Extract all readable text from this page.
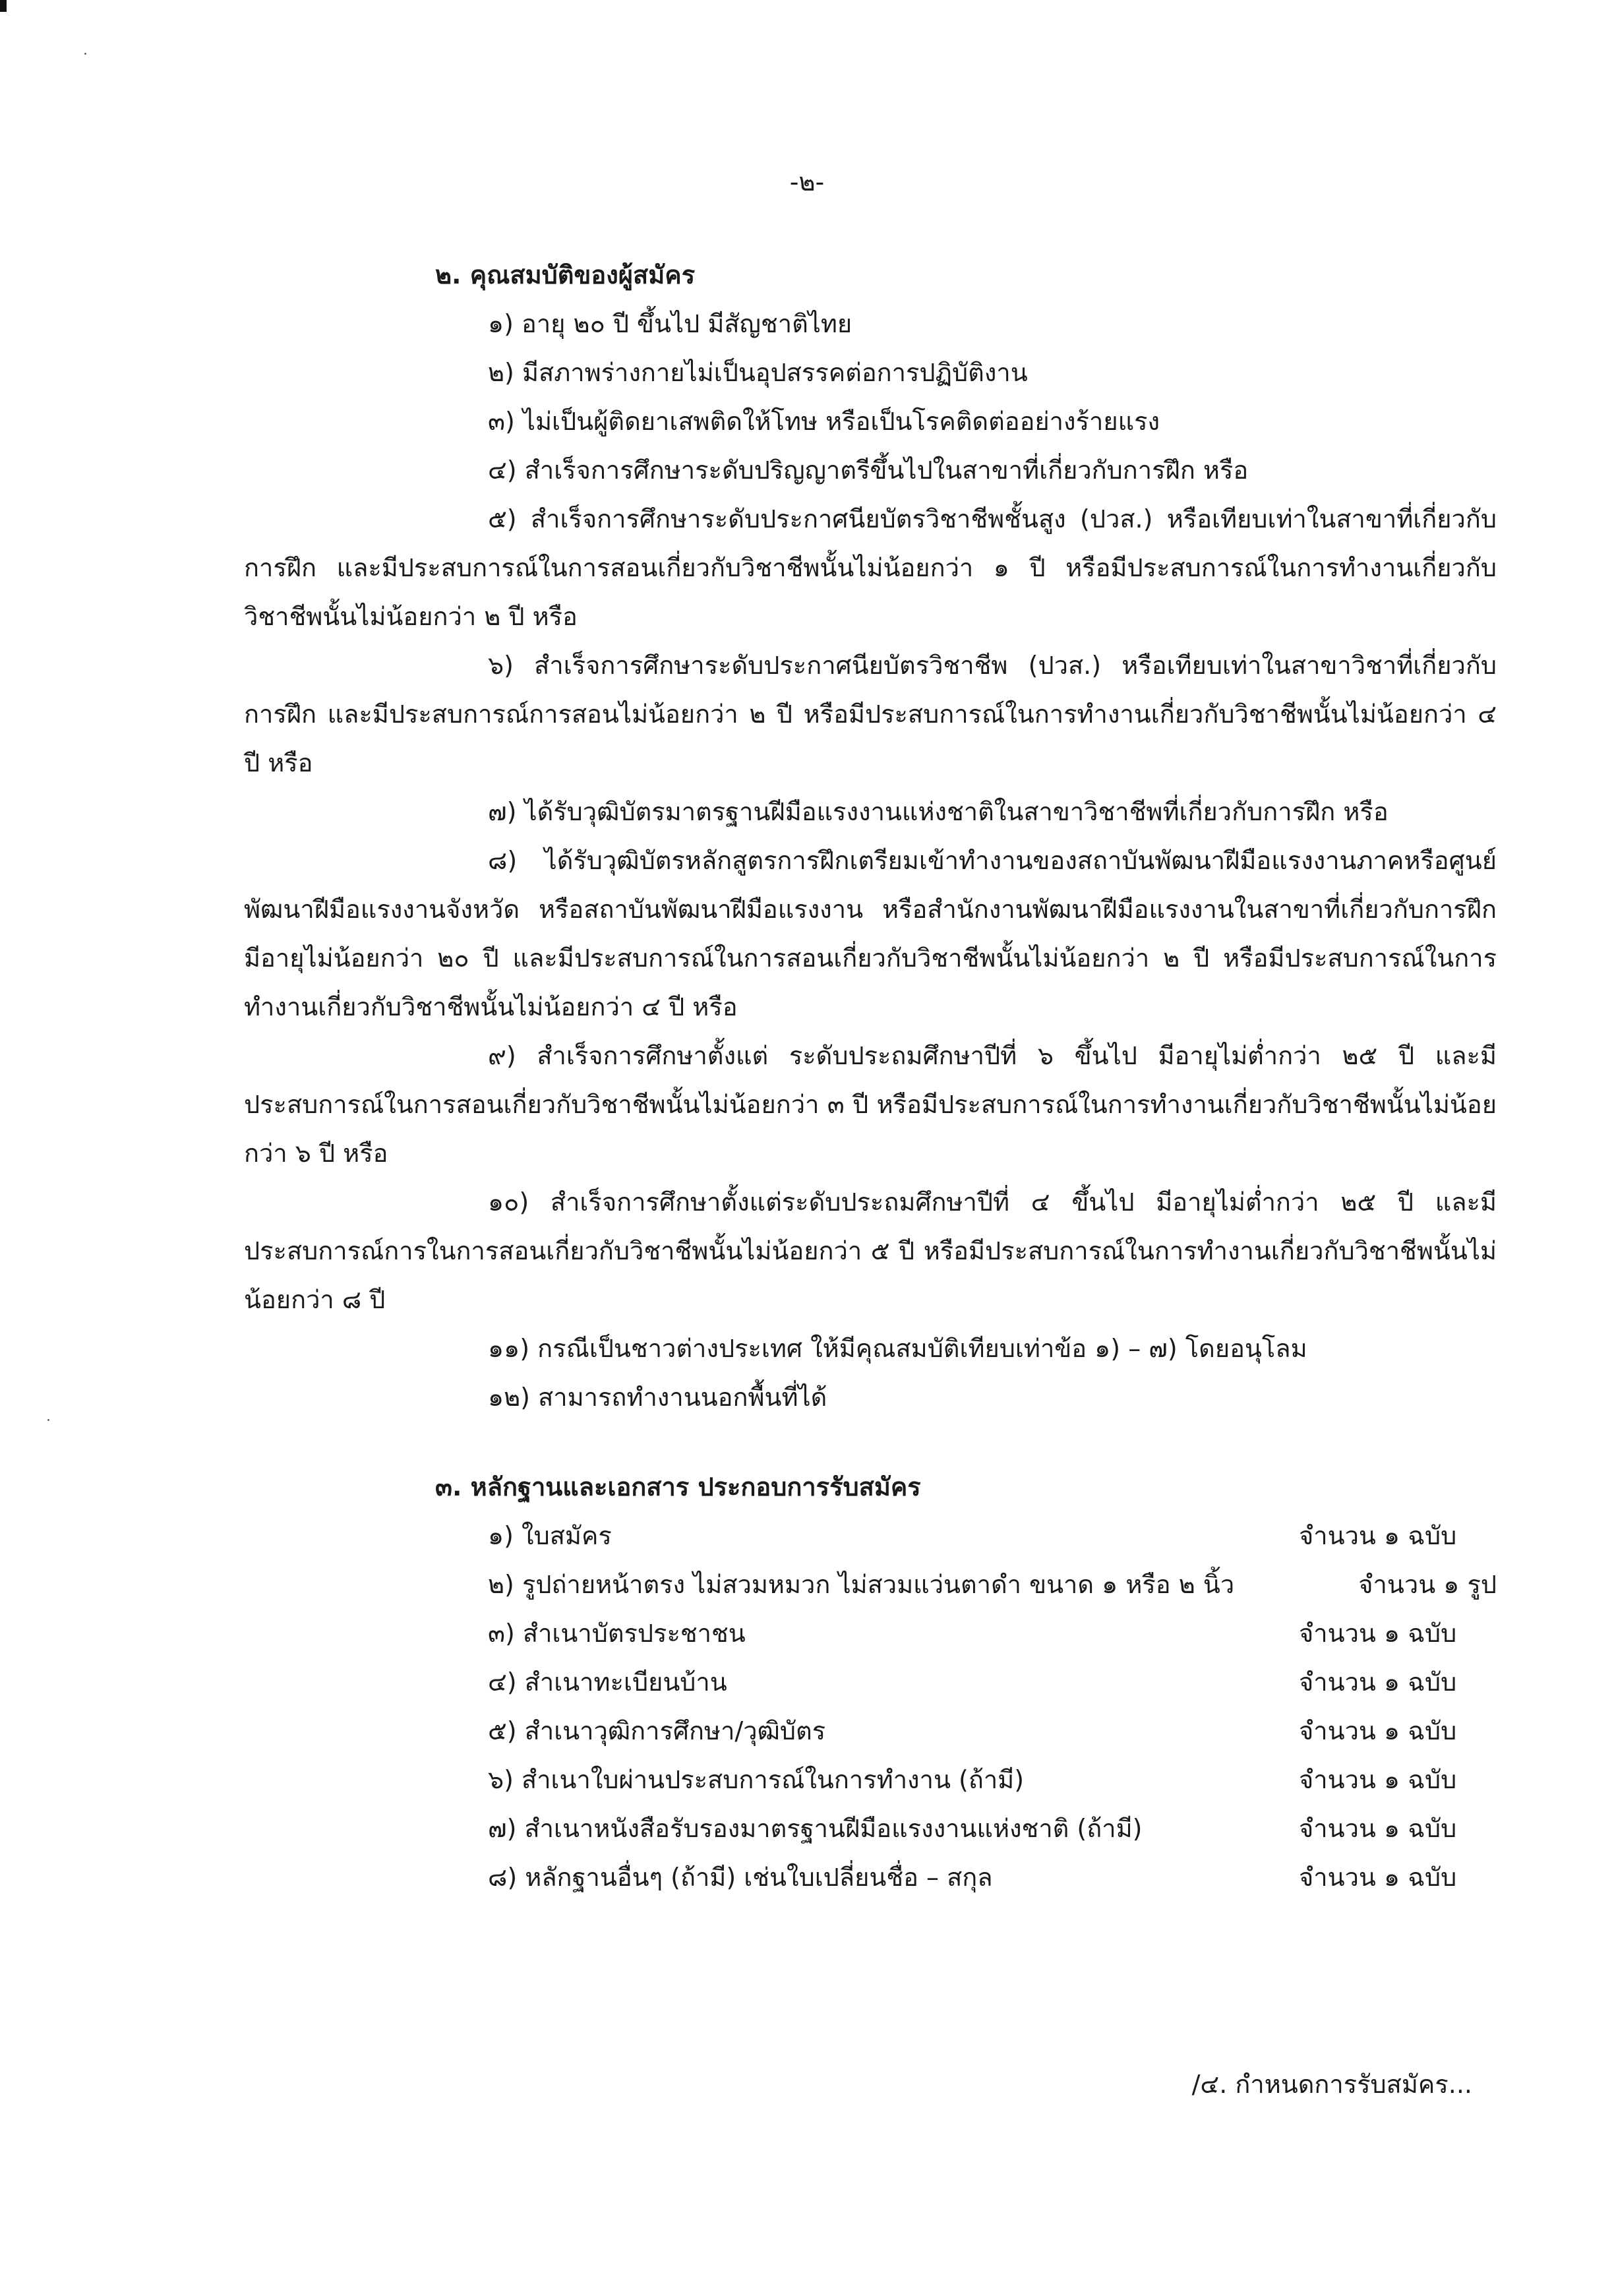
-๒-
๒. คุณสมบัติของผู้สมัคร
๑) อายุ ๒๐ ปี ขึ้นไป มีสัญชาติไทย
๒) มีสภาพร่างกายไม่เป็นอุปสรรคต่อการปฏิบัติงาน
๓) ไม่เป็นผู้ติดยาเสพติดให้โทษ หรือเป็นโรคติดต่ออย่างร้ายแรง
๔) สำเร็จการศึกษาระดับปริญญาตรีขึ้นไปในสาขาที่เกี่ยวกับการฝึก หรือ
๕) สำเร็จการศึกษาระดับประกาศนียบัตรวิชาชีพชั้นสูง (ปวส.) หรือเทียบเท่าในสาขาที่เกี่ยวกับการฝึก และมีประสบการณ์ในการสอนเกี่ยวกับวิชาชีพนั้นไม่น้อยกว่า ๑ ปี หรือมีประสบการณ์ในการทำงานเกี่ยวกับวิชาชีพนั้นไม่น้อยกว่า ๒ ปี หรือ
๖) สำเร็จการศึกษาระดับประกาศนียบัตรวิชาชีพ (ปวส.) หรือเทียบเท่าในสาขาวิชาที่เกี่ยวกับการฝึก และมีประสบการณ์การสอนไม่น้อยกว่า ๒ ปี หรือมีประสบการณ์ในการทำงานเกี่ยวกับวิชาชีพนั้นไม่น้อยกว่า ๔ ปี หรือ
๗) ได้รับวุฒิบัตรมาตรฐานฝีมือแรงงานแห่งชาติในสาขาวิชาชีพที่เกี่ยวกับการฝึก หรือ
๘) ได้รับวุฒิบัตรหลักสูตรการฝึกเตรียมเข้าทำงานของสถาบันพัฒนาฝีมือแรงงานภาคหรือศูนย์พัฒนาฝีมือแรงงานจังหวัด หรือสถาบันพัฒนาฝีมือแรงงาน หรือสำนักงานพัฒนาฝีมือแรงงานในสาขาที่เกี่ยวกับการฝึก มีอายุไม่น้อยกว่า ๒๐ ปี และมีประสบการณ์ในการสอนเกี่ยวกับวิชาชีพนั้นไม่น้อยกว่า ๒ ปี หรือมีประสบการณ์ในการทำงานเกี่ยวกับวิชาชีพนั้นไม่น้อยกว่า ๔ ปี หรือ
๙) สำเร็จการศึกษาตั้งแต่ ระดับประถมศึกษาปีที่ ๖ ขึ้นไป มีอายุไม่ต่ำกว่า ๒๕ ปี และมีประสบการณ์ในการสอนเกี่ยวกับวิชาชีพนั้นไม่น้อยกว่า ๓ ปี หรือมีประสบการณ์ในการทำงานเกี่ยวกับวิชาชีพนั้นไม่น้อยกว่า ๖ ปี หรือ
๑๐) สำเร็จการศึกษาตั้งแต่ระดับประถมศึกษาปีที่ ๔ ขึ้นไป มีอายุไม่ต่ำกว่า ๒๕ ปี และมีประสบการณ์การในการสอนเกี่ยวกับวิชาชีพนั้นไม่น้อยกว่า ๕ ปี หรือมีประสบการณ์ในการทำงานเกี่ยวกับวิชาชีพนั้นไม่น้อยกว่า ๘ ปี
๑๑) กรณีเป็นชาวต่างประเทศ ให้มีคุณสมบัติเทียบเท่าข้อ ๑) – ๗) โดยอนุโลม
๑๒) สามารถทำงานนอกพื้นที่ได้
๓. หลักฐานและเอกสาร ประกอบการรับสมัคร
๑) ใบสมัคร	จำนวน ๑ ฉบับ
๒) รูปถ่ายหน้าตรง ไม่สวมหมวก ไม่สวมแว่นตาดำ ขนาด ๑ หรือ ๒ นิ้ว	จำนวน ๑ รูป
๓) สำเนาบัตรประชาชน	จำนวน ๑ ฉบับ
๔) สำเนาทะเบียนบ้าน	จำนวน ๑ ฉบับ
๕) สำเนาวุฒิการศึกษา/วุฒิบัตร	จำนวน ๑ ฉบับ
๖) สำเนาใบผ่านประสบการณ์ในการทำงาน (ถ้ามี)	จำนวน ๑ ฉบับ
๗) สำเนาหนังสือรับรองมาตรฐานฝีมือแรงงานแห่งชาติ (ถ้ามี)	จำนวน ๑ ฉบับ
๘) หลักฐานอื่นๆ (ถ้ามี) เช่นใบเปลี่ยนชื่อ – สกุล	จำนวน ๑ ฉบับ
/๔. กำหนดการรับสมัคร...
